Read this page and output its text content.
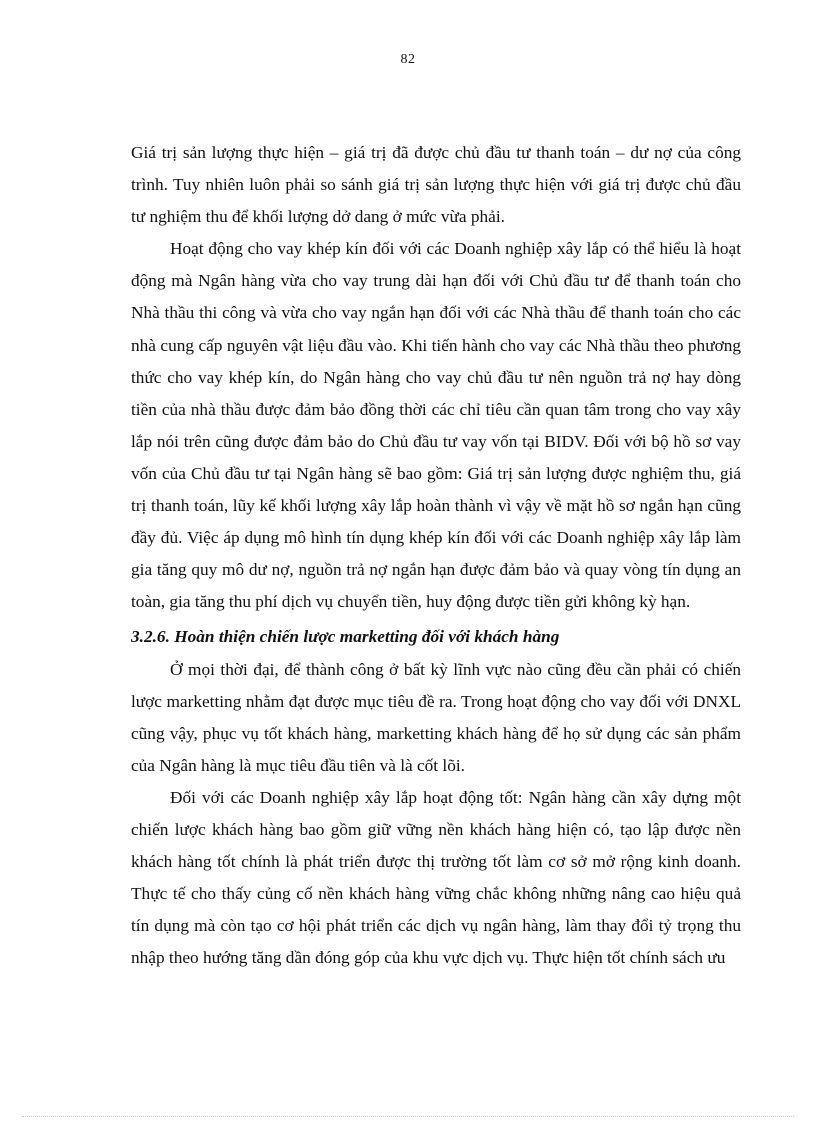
82

Giá trị sản lượng thực hiện – giá trị đã được chủ đầu tư thanh toán – dư nợ của công trình. Tuy nhiên luôn phải so sánh giá trị sản lượng thực hiện với giá trị được chủ đầu tư nghiệm thu để khối lượng dở dang ở mức vừa phải.

Hoạt động cho vay khép kín đối với các Doanh nghiệp xây lắp có thể hiểu là hoạt động mà Ngân hàng vừa cho vay trung dài hạn đối với Chủ đầu tư để thanh toán cho Nhà thầu thi công và vừa cho vay ngắn hạn đối với các Nhà thầu để thanh toán cho các nhà cung cấp nguyên vật liệu đầu vào. Khi tiến hành cho vay các Nhà thầu theo phương thức cho vay khép kín, do Ngân hàng cho vay chủ đầu tư nên nguồn trả nợ hay dòng tiền của nhà thầu được đảm bảo đồng thời các chỉ tiêu cần quan tâm trong cho vay xây lắp nói trên cũng được đảm bảo do Chủ đầu tư vay vốn tại BIDV. Đối với bộ hồ sơ vay vốn của Chủ đầu tư tại Ngân hàng sẽ bao gồm: Giá trị sản lượng được nghiệm thu, giá trị thanh toán, lũy kế khối lượng xây lắp hoàn thành vì vậy về mặt hồ sơ ngắn hạn cũng đầy đủ. Việc áp dụng mô hình tín dụng khép kín đối với các Doanh nghiệp xây lắp làm gia tăng quy mô dư nợ, nguồn trả nợ ngắn hạn được đảm bảo và quay vòng tín dụng an toàn, gia tăng thu phí dịch vụ chuyển tiền, huy động được tiền gửi không kỳ hạn.

3.2.6. Hoàn thiện chiến lược marketting đối với khách hàng

Ở mọi thời đại, để thành công ở bất kỳ lĩnh vực nào cũng đều cần phải có chiến lược marketting nhằm đạt được mục tiêu đề ra. Trong hoạt động cho vay đối với DNXL cũng vậy, phục vụ tốt khách hàng, marketting khách hàng để họ sử dụng các sản phẩm của Ngân hàng là mục tiêu đầu tiên và là cốt lõi.

Đối với các Doanh nghiệp xây lắp hoạt động tốt: Ngân hàng cần xây dựng một chiến lược khách hàng bao gồm giữ vững nền khách hàng hiện có, tạo lập được nền khách hàng tốt chính là phát triển được thị trường tốt làm cơ sở mở rộng kinh doanh. Thực tế cho thấy củng cố nền khách hàng vững chắc không những nâng cao hiệu quả tín dụng mà còn tạo cơ hội phát triển các dịch vụ ngân hàng, làm thay đổi tỷ trọng thu nhập theo hướng tăng dần đóng góp của khu vực dịch vụ. Thực hiện tốt chính sách ưu
